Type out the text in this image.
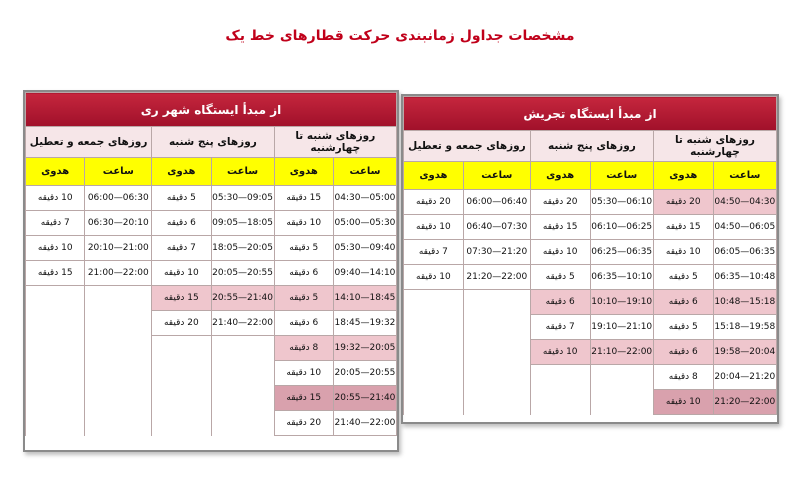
مشخصات جداول زمانبندی حرکت قطارهای خط یک
از مبدأ ایستگاه شهر ری					
روزهای شنبه تا چهارشنبه		روزهای پنج شنبه		روزهای جمعه و تعطیل	
ساعت	هدوی	ساعت	هدوی	ساعت	هدوی
04:30—05:00	15 دقیقه	05:30—09:05	5 دقیقه	06:00—06:30	10 دقیقه
05:00—05:30	10 دقیقه	09:05—18:05	6 دقیقه	06:30—20:10	7 دقیقه
05:30—09:40	5 دقیقه	18:05—20:05	7 دقیقه	20:10—21:00	10 دقیقه
09:40—14:10	6 دقیقه	20:05—20:55	10 دقیقه	21:00—22:00	15 دقیقه
14:10—18:45	5 دقیقه	20:55—21:40	15 دقیقه		
18:45—19:32	6 دقیقه	21:40—22:00	20 دقیقه		
19:32—20:05	8 دقیقه				
20:05—20:55	10 دقیقه				
20:55—21:40	15 دقیقه				
21:40—22:00	20 دقیقه				
از مبدأ ایستگاه تجریش					
روزهای شنبه تا چهارشنبه		روزهای پنج شنبه		روزهای جمعه و تعطیل	
ساعت	هدوی	ساعت	هدوی	ساعت	هدوی
04:50—04:30	20 دقیقه	05:30—06:10	20 دقیقه	06:00—06:40	20 دقیقه
04:50—06:05	15 دقیقه	06:10—06:25	15 دقیقه	06:40—07:30	10 دقیقه
06:05—06:35	10 دقیقه	06:25—06:35	10 دقیقه	07:30—21:20	7 دقیقه
06:35—10:48	5 دقیقه	06:35—10:10	5 دقیقه	21:20—22:00	10 دقیقه
10:48—15:18	6 دقیقه	10:10—19:10	6 دقیقه		
15:18—19:58	5 دقیقه	19:10—21:10	7 دقیقه		
19:58—20:04	6 دقیقه	21:10—22:00	10 دقیقه		
20:04—21:20	8 دقیقه				
21:20—22:00	10 دقیقه				
